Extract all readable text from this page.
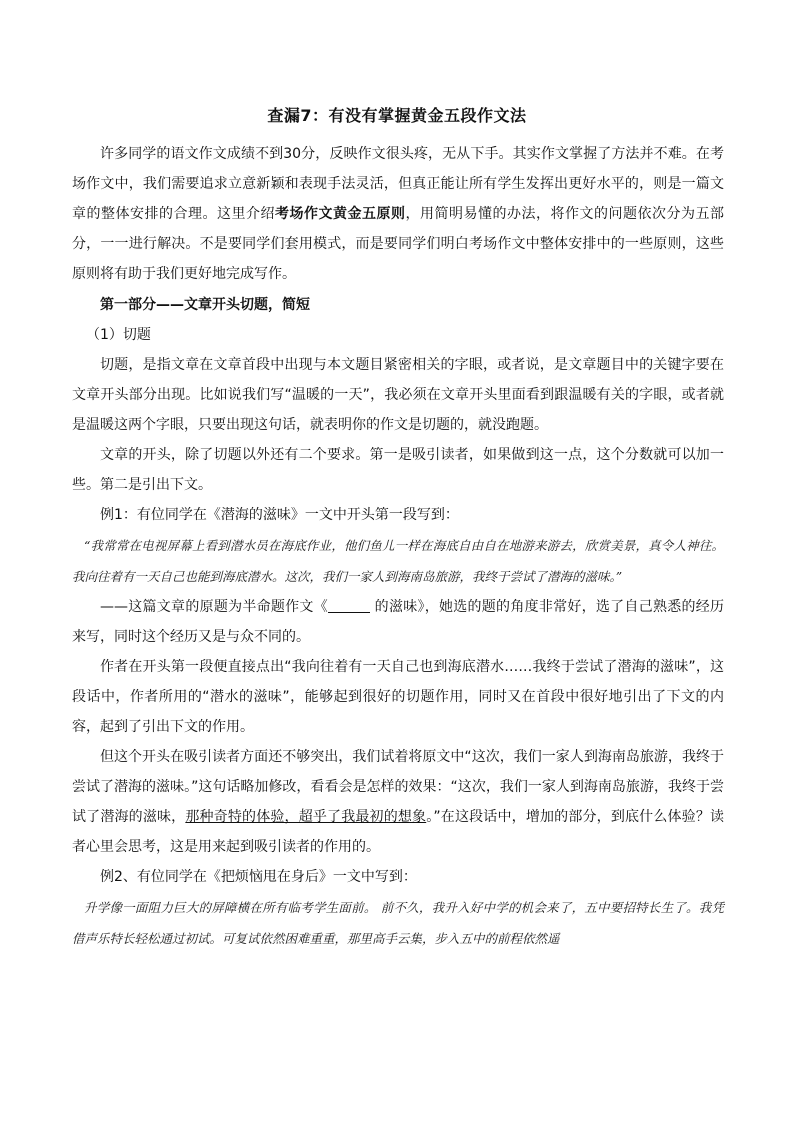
查漏7：有没有掌握黄金五段作文法
许多同学的语文作文成绩不到30分，反映作文很头疼，无从下手。其实作文掌握了方法并不难。在考场作文中，我们需要追求立意新颖和表现手法灵活，但真正能让所有学生发挥出更好水平的，则是一篇文章的整体安排的合理。这里介绍考场作文黄金五原则，用简明易懂的办法，将作文的问题依次分为五部分，一一进行解决。不是要同学们套用模式，而是要同学们明白考场作文中整体安排中的一些原则，这些原则将有助于我们更好地完成写作。
第一部分——文章开头切题，简短
（1）切题
切题，是指文章在文章首段中出现与本文题目紧密相关的字眼，或者说，是文章题目中的关键字要在文章开头部分出现。比如说我们写“温暖的一天”，我必须在文章开头里面看到跟温暖有关的字眼，或者就是温暖这两个字眼，只要出现这句话，就表明你的作文是切题的，就没跑题。
文章的开头，除了切题以外还有二个要求。第一是吸引读者，如果做到这一点，这个分数就可以加一些。第二是引出下文。
例1：有位同学在《潜海的滋味》一文中开头第一段写到：
“我常常在电视屏幕上看到潜水员在海底作业，他们鱼儿一样在海底自由自在地游来游去，欣赏美景，真令人神往。我向往着有一天自己也能到海底潜水。这次，我们一家人到海南岛旅游，我终于尝试了潜海的滋味。”
——这篇文章的原题为半命题作文《	的滋味》，她选的题的角度非常好，选了自己熟悉的经历来写，同时这个经历又是与众不同的。
作者在开头第一段便直接点出“我向往着有一天自己也到海底潜水……我终于尝试了潜海的滋味”，这段话中，作者所用的“潜水的滋味”，能够起到很好的切题作用，同时又在首段中很好地引出了下文的内容，起到了引出下文的作用。
但这个开头在吸引读者方面还不够突出，我们试着将原文中“这次，我们一家人到海南岛旅游，我终于尝试了潜海的滋味。”这句话略加修改，看看会是怎样的效果：“这次，我们一家人到海南岛旅游，我终于尝试了潜海的滋味，那种奇特的体验，超乎了我最初的想象。”在这段话中，增加的部分，到底什么体验？读者心里会思考，这是用来起到吸引读者的作用的。
例2、有位同学在《把烦恼甩在身后》一文中写到：
升学像一面阻力巨大的屏障横在所有临考学生面前。 前不久，我升入好中学的机会来了，五中要招特长生了。我凭借声乐特长轻松通过初试。可复试依然困难重重，那里高手云集，步入五中的前程依然遥
